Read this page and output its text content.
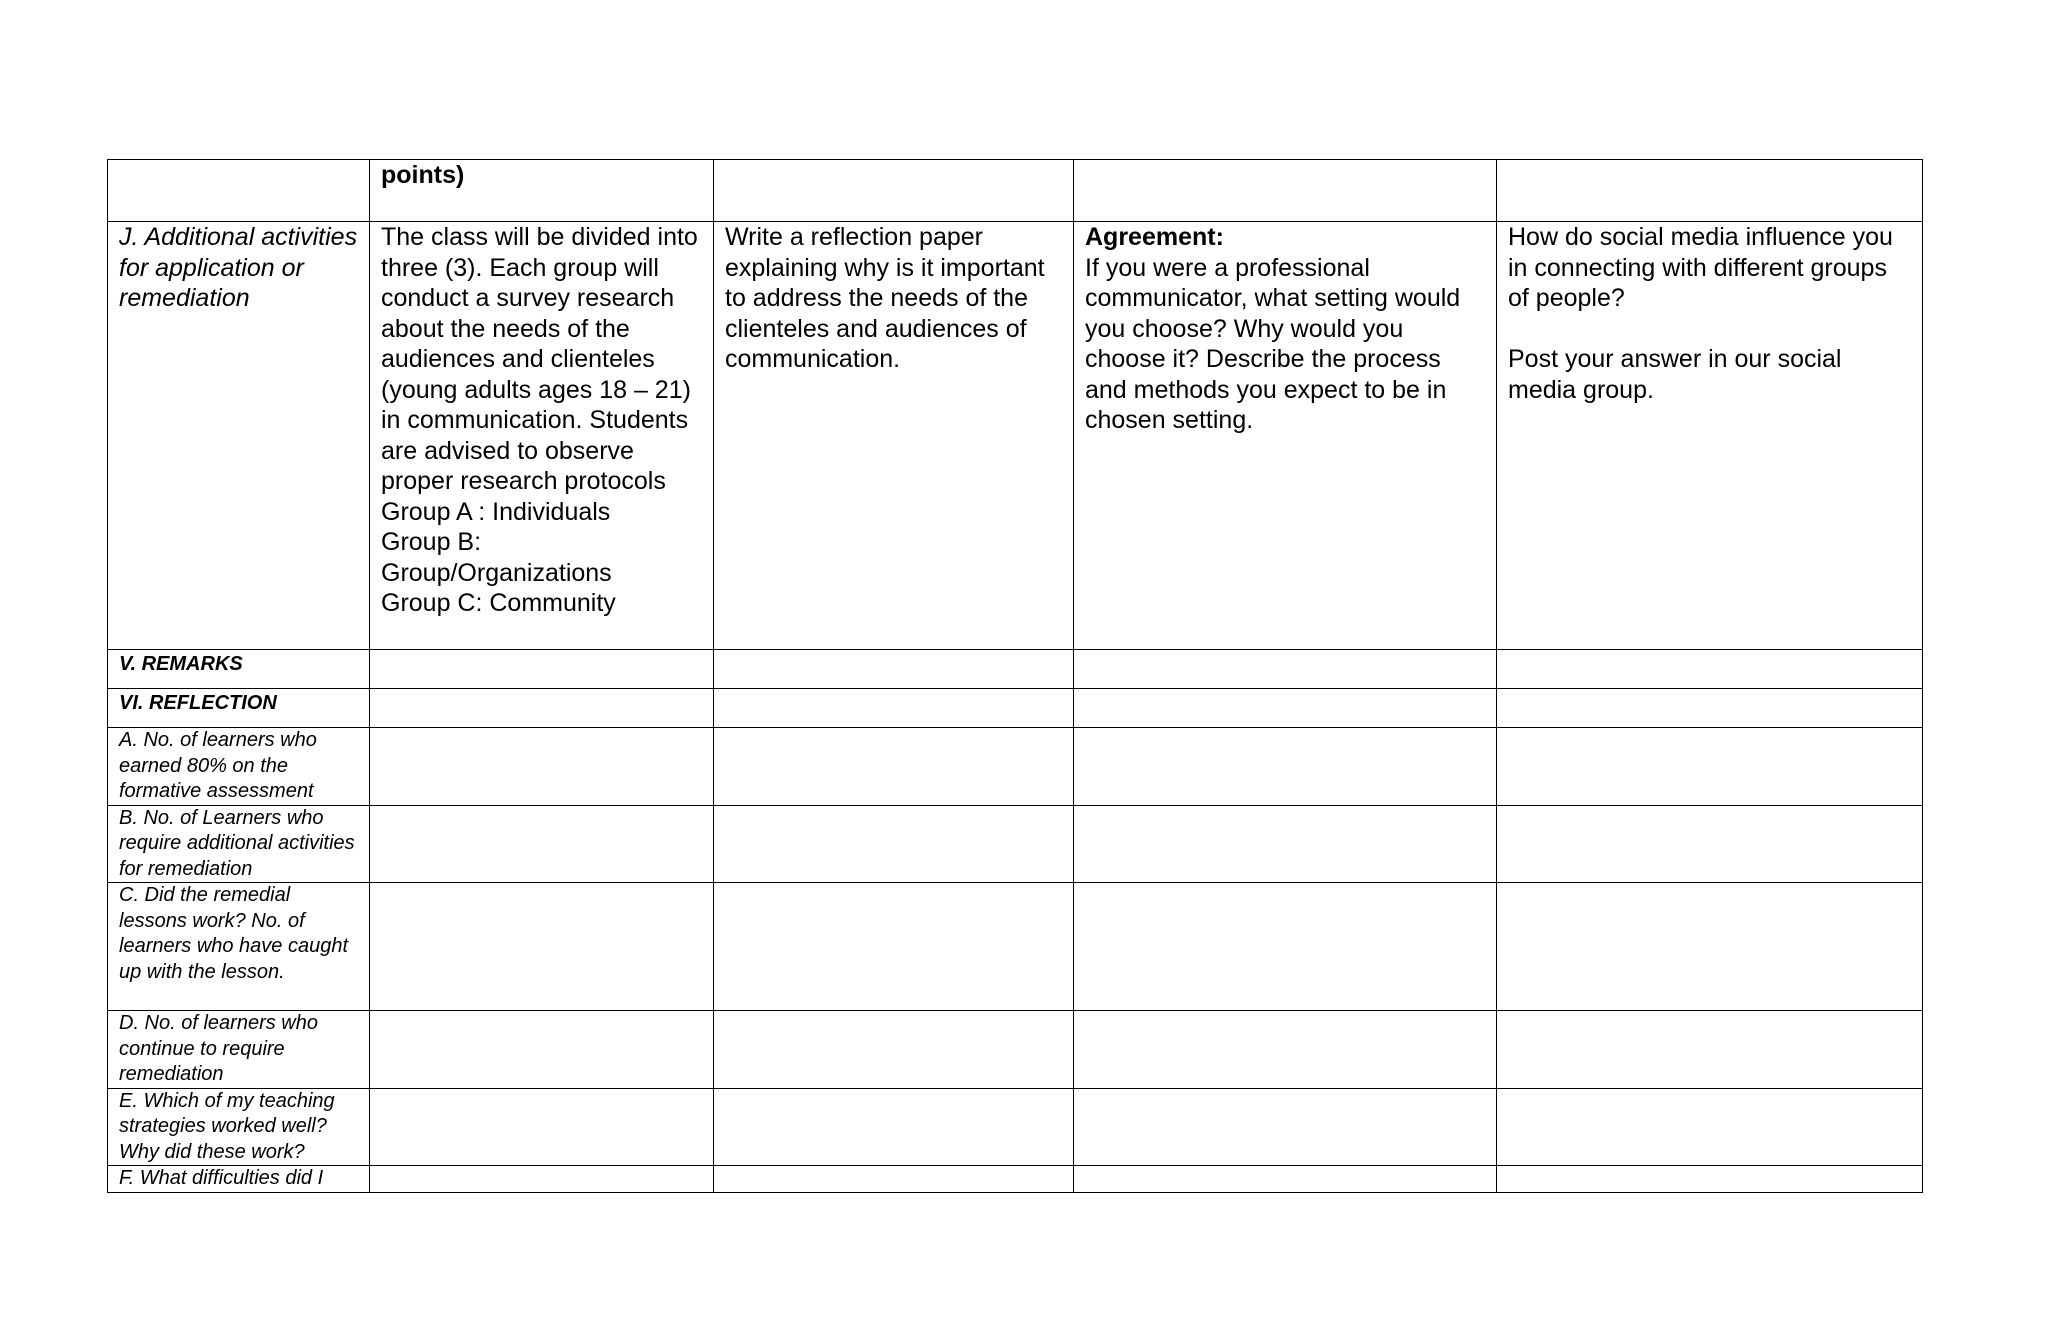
	points)			

J. Additional activities for application or remediation	The class will be divided into three (3). Each group will conduct a survey research about the needs of the audiences and clienteles (young adults ages 18 – 21) in communication. Students are advised to observe proper research protocols
Group A : Individuals
Group B: Group/Organizations
Group C: Community	Write a reflection paper explaining why is it important to address the needs of the clienteles and audiences of communication.	Agreement:
If you were a professional communicator, what setting would you choose? Why would you choose it? Describe the process and methods you expect to be in chosen setting.	How do social media influence you in connecting with different groups of people?
Post your answer in our social media group.

V. REMARKS				

VI. REFLECTION				

A. No. of learners who earned 80% on the formative assessment				

B. No. of Learners who require additional activities for remediation				

C. Did the remedial lessons work? No. of learners who have caught up with the lesson.				

D. No. of learners who continue to require remediation				

E. Which of my teaching strategies worked well? Why did these work?				

F. What difficulties did I				
